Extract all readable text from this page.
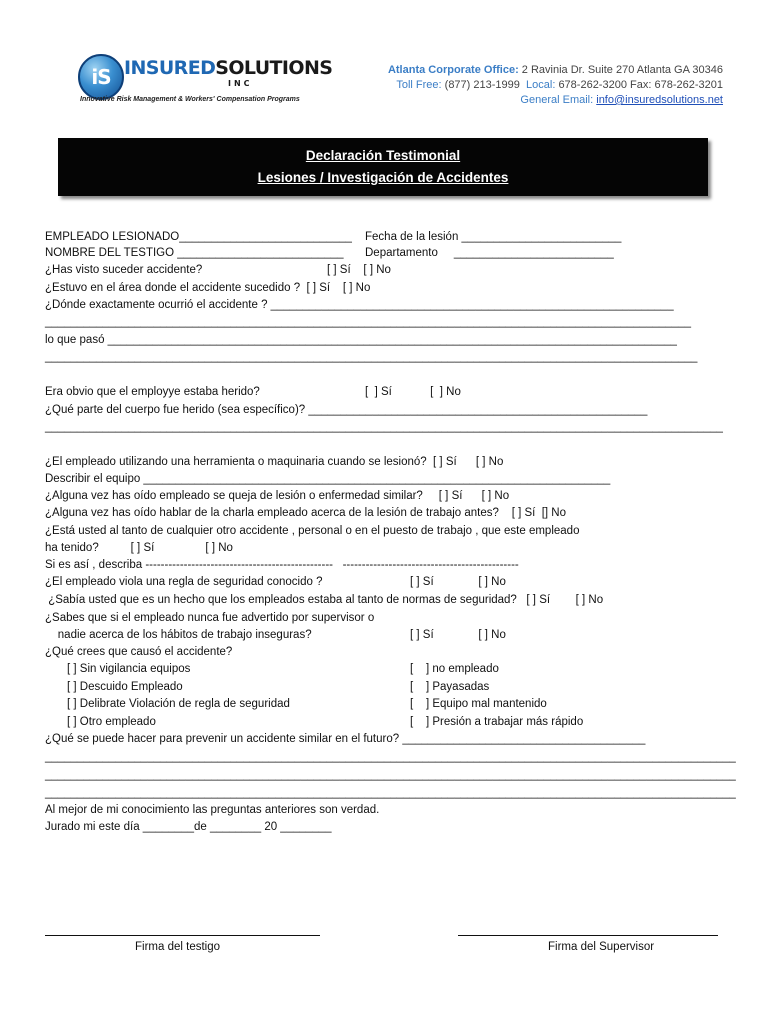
iS INSUREDSOLUTIONS
INC
Innovative Risk Management & Workers' Compensation Programs
Atlanta Corporate Office: 2 Ravinia Dr. Suite 270 Atlanta GA 30346
Toll Free: (877) 213-1999 Local: 678-262-3200 Fax: 678-262-3201
General Email: info@insuredsolutions.net
Declaración Testimonial
Lesiones / Investigación de Accidentes
EMPLEADO LESIONADO___________________________ Fecha de la lesión _________________________
NOMBRE DEL TESTIGO __________________________ Departamento     _________________________
¿Has visto suceder accidente?	[ ] Sí    [ ] No
¿Estuvo en el área donde el accidente sucedido ?  [ ] Sí    [ ] No
¿Dónde exactamente ocurrió el accidente ? _______________________________________________________________
_____________________________________________________________________________________________________
lo que pasó _________________________________________________________________________________________
______________________________________________________________________________________________________
Era obvio que el employye estaba herido?	[  ] Sí            [  ] No
¿Qué parte del cuerpo fue herido (sea específico)? _____________________________________________________
__________________________________________________________________________________________________________
¿El empleado utilizando una herramienta o maquinaria cuando se lesionó?  [ ] Sí      [ ] No
Describir el equipo _________________________________________________________________________
¿Alguna vez has oído empleado se queja de lesión o enfermedad similar?     [ ] Sí      [ ] No
¿Alguna vez has oído hablar de la charla empleado acerca de la lesión de trabajo antes?    [ ] Sí  [] No
¿Está usted al tanto de cualquier otro accidente , personal o en el puesto de trabajo , que este empleado
ha tenido?          [ ] Sí                [ ] No
Si es así , describa -------------------------------------------------   ----------------------------------------------
¿El empleado viola una regla de seguridad conocido ?	[ ] Sí              [ ] No
¿Sabía usted que es un hecho que los empleados estaba al tanto de normas de seguridad?   [ ] Sí        [ ] No
¿Sabes que si el empleado nunca fue advertido por supervisor o
nadie acerca de los hábitos de trabajo inseguras?	[ ] Sí              [ ] No
¿Qué crees que causó el accidente?
[ ] Sin vigilancia equipos	[    ] no empleado
[ ] Descuido Empleado	[    ] Payasadas
[ ] Delibrate Violación de regla de seguridad	[    ] Equipo mal mantenido
[ ] Otro empleado	[    ] Presión a trabajar más rápido
¿Qué se puede hacer para prevenir un accidente similar en el futuro? ______________________________________
____________________________________________________________________________________________________________
____________________________________________________________________________________________________________
____________________________________________________________________________________________________________
Al mejor de mi conocimiento las preguntas anteriores son verdad.
Jurado mi este día ________de ________ 20 ________
Firma del testigo	Firma del Supervisor
